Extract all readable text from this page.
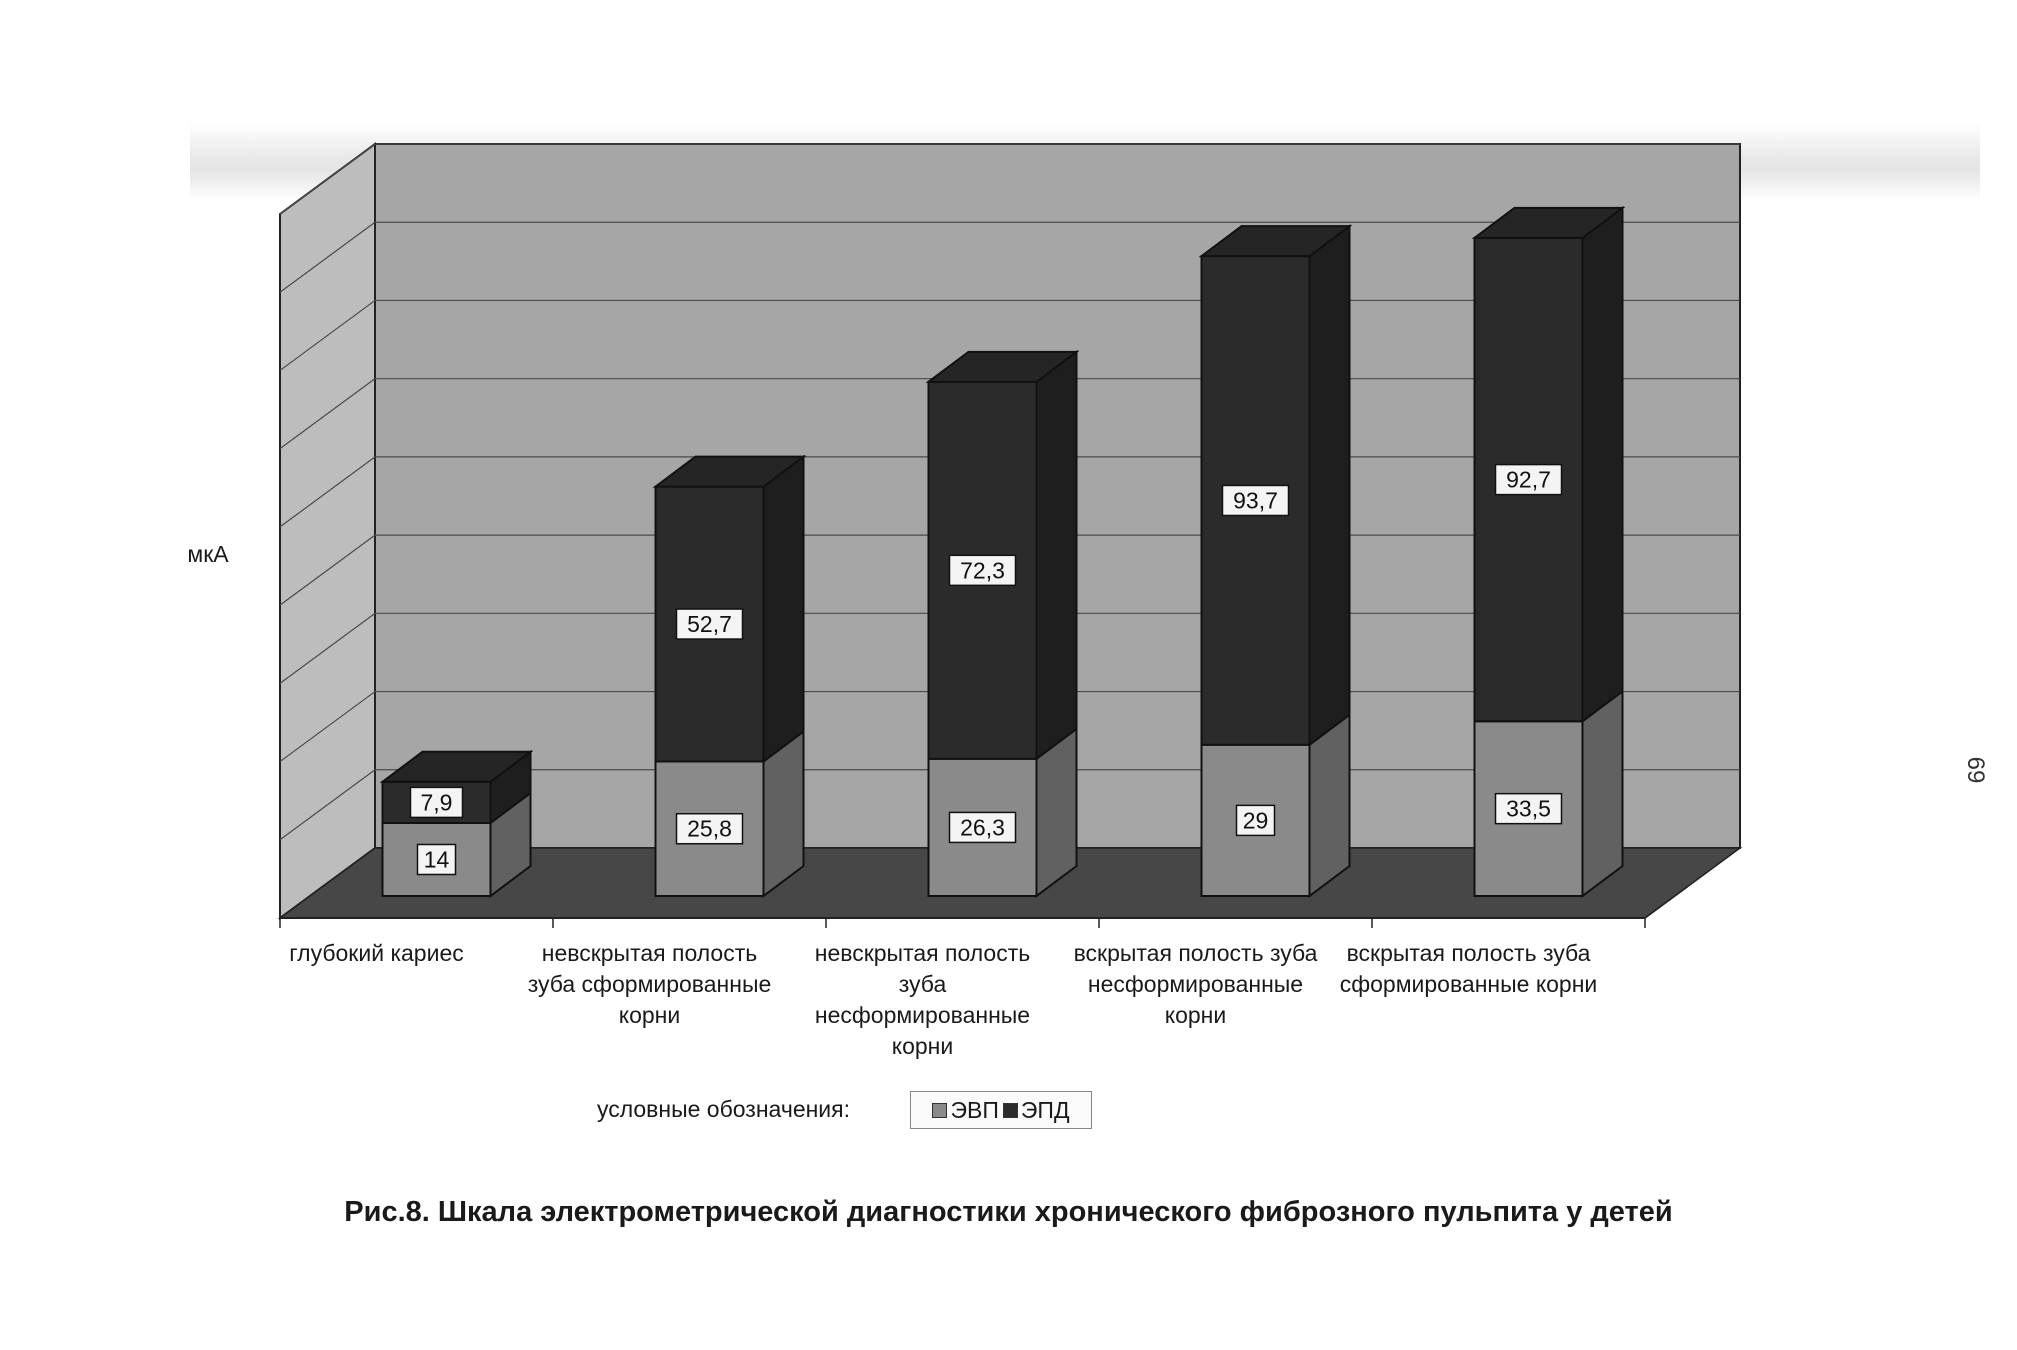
14
7,9
25,8
52,7
26,3
72,3
29
93,7
33,5
92,7
мкА
глубокий кариес	невскрытая полость
зуба сформированные
корни
невскрытая полость
зуба
несформированные
корни
вскрытая полость зуба
несформированные
корни
вскрытая полость зуба
сформированные корни
условные обозначения:	ЭВП ЭПД
Рис.8. Шкала электрометрической диагностики хронического фиброзного пульпита у детей
69
